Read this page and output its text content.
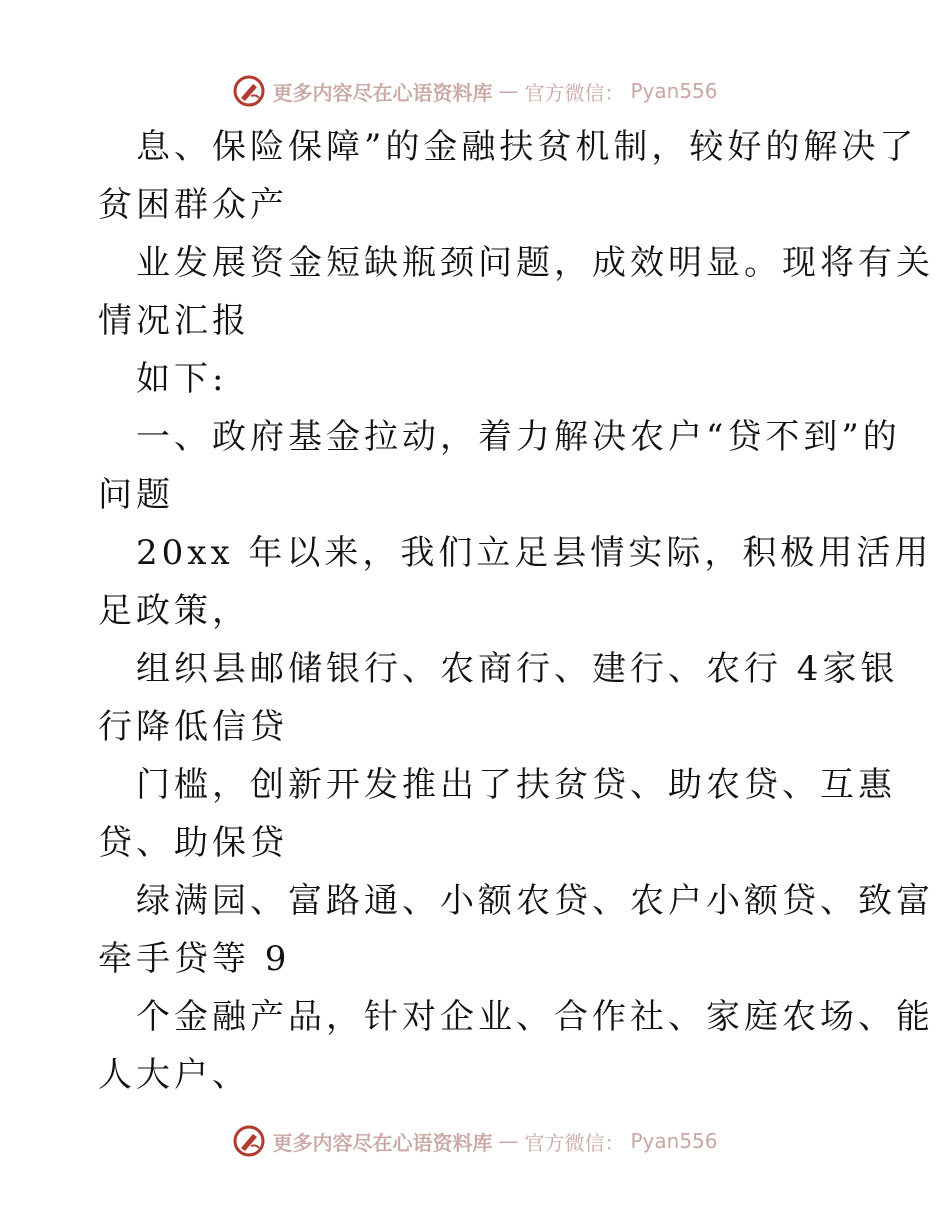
更多内容尽在心语资料库 — 官方微信： Pyan556
息、保险保障”的金融扶贫机制，较好的解决了
贫困群众产
业发展资金短缺瓶颈问题，成效明显。现将有关
情况汇报
如下:
一、政府基金拉动，着力解决农户“贷不到”的
问题
20xx 年以来，我们立足县情实际，积极用活用
足政策，
组织县邮储银行、农商行、建行、农行 4家银
行降低信贷
门槛，创新开发推出了扶贫贷、助农贷、互惠
贷、助保贷
绿满园、富路通、小额农贷、农户小额贷、致富
牵手贷等 9
个金融产品，针对企业、合作社、家庭农场、能
人大户、
更多内容尽在心语资料库 — 官方微信： Pyan556
